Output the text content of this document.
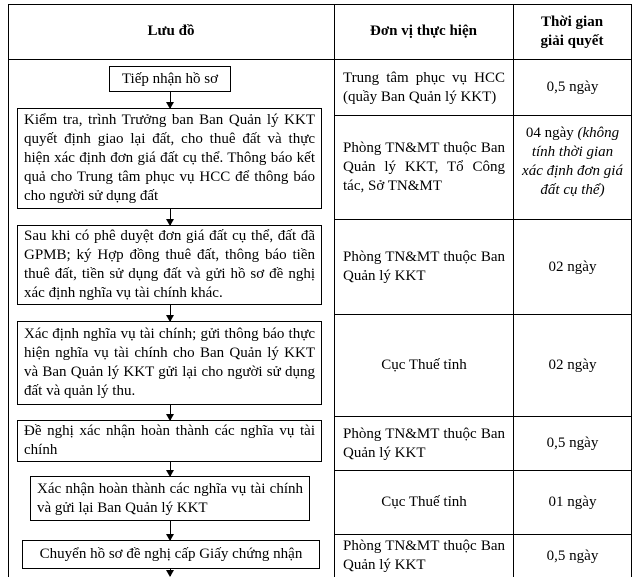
Lưu đồ	Đơn vị thực hiện
Thời gian
giải quyết
Tiếp nhận hồ sơ
Kiểm tra, trình Trưởng ban Ban Quản lý KKT quyết định giao lại đất, cho thuê đất và thực hiện xác định đơn giá đất cụ thể. Thông báo kết quả cho Trung tâm phục vụ HCC để thông báo cho người sử dụng đất
Sau khi có phê duyệt đơn giá đất cụ thể, đất đã GPMB; ký Hợp đồng thuê đất, thông báo tiền thuê đất, tiền sử dụng đất và gửi hồ sơ đề nghị xác định nghĩa vụ tài chính khác.
Xác định nghĩa vụ tài chính; gửi thông báo thực hiện nghĩa vụ tài chính cho Ban Quản lý KKT và Ban Quản lý KKT gửi lại cho người sử dụng đất và quản lý thu.
Đề nghị xác nhận hoàn thành các nghĩa vụ tài chính
Xác nhận hoàn thành các nghĩa vụ tài chính và gửi lại Ban Quản lý KKT
Chuyển hồ sơ đề nghị cấp Giấy chứng nhận
Trung tâm phục vụ HCC (quầy Ban Quản lý KKT)
Phòng TN&MT thuộc Ban Quản lý KKT, Tổ Công tác, Sở TN&MT
Phòng TN&MT thuộc Ban Quản lý KKT
Cục Thuế tỉnh
Phòng TN&MT thuộc Ban Quản lý KKT
Cục Thuế tỉnh
Phòng TN&MT thuộc Ban Quản lý KKT
0,5 ngày
04 ngày (không tính thời gian xác định đơn giá đất cụ thể)
02 ngày
02 ngày
0,5 ngày
01 ngày
0,5 ngày
